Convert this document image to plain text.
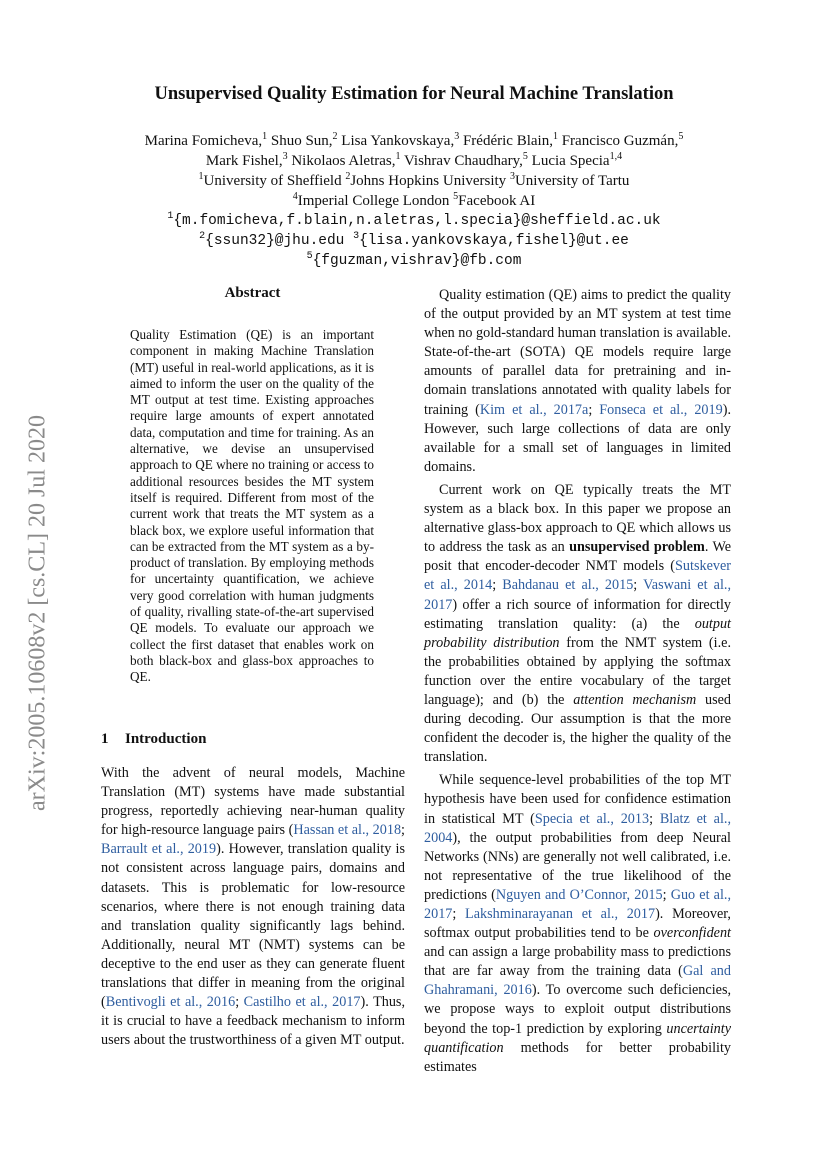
Unsupervised Quality Estimation for Neural Machine Translation
Marina Fomicheva,$^1$ Shuo Sun,$^2$ Lisa Yankovskaya,$^3$ Frédéric Blain,$^1$ Francisco Guzmán,$^5$
Mark Fishel,$^3$ Nikolaos Aletras,$^1$ Vishrav Chaudhary,$^5$ Lucia Specia$^{1,4}$
$^1$University of Sheffield $^2$Johns Hopkins University $^3$University of Tartu
$^4$Imperial College London $^5$Facebook AI
$^1${m.fomicheva,f.blain,n.aletras,l.specia}@sheffield.ac.uk
$^2${ssun32}@jhu.edu $^3${lisa.yankovskaya,fishel}@ut.ee
$^5${fguzman,vishrav}@fb.com
arXiv:2005.10608v2 [cs.CL] 20 Jul 2020
Abstract

Quality Estimation (QE) is an important component in making Machine Translation (MT) useful in real-world applications, as it is aimed to inform the user on the quality of the MT output at test time. Existing approaches require large amounts of expert annotated data, computation and time for training. As an alternative, we devise an unsupervised approach to QE where no training or access to additional resources besides the MT system itself is required. Different from most of the current work that treats the MT system as a black box, we explore useful information that can be extracted from the MT system as a by-product of translation. By employing methods for uncertainty quantification, we achieve very good correlation with human judgments of quality, rivalling state-of-the-art supervised QE models. To evaluate our approach we collect the first dataset that enables work on both black-box and glass-box approaches to QE.

1 Introduction

With the advent of neural models, Machine Translation (MT) systems have made substantial progress, reportedly achieving near-human quality for high-resource language pairs (Hassan et al., 2018; Barrault et al., 2019). However, translation quality is not consistent across language pairs, domains and datasets. This is problematic for low-resource scenarios, where there is not enough training data and translation quality significantly lags behind. Additionally, neural MT (NMT) systems can be deceptive to the end user as they can generate fluent translations that differ in meaning from the original (Bentivogli et al., 2016; Castilho et al., 2017). Thus, it is crucial to have a feedback mechanism to inform users about the trustworthiness of a given MT output.

Quality estimation (QE) aims to predict the quality of the output provided by an MT system at test time when no gold-standard human translation is available. State-of-the-art (SOTA) QE models require large amounts of parallel data for pretraining and in-domain translations annotated with quality labels for training (Kim et al., 2017a; Fonseca et al., 2019). However, such large collections of data are only available for a small set of languages in limited domains.

Current work on QE typically treats the MT system as a black box. In this paper we propose an alternative glass-box approach to QE which allows us to address the task as an unsupervised problem. We posit that encoder-decoder NMT models (Sutskever et al., 2014; Bahdanau et al., 2015; Vaswani et al., 2017) offer a rich source of information for directly estimating translation quality: (a) the output probability distribution from the NMT system (i.e. the probabilities obtained by applying the softmax function over the entire vocabulary of the target language); and (b) the attention mechanism used during decoding. Our assumption is that the more confident the decoder is, the higher the quality of the translation.

While sequence-level probabilities of the top MT hypothesis have been used for confidence estimation in statistical MT (Specia et al., 2013; Blatz et al., 2004), the output probabilities from deep Neural Networks (NNs) are generally not well calibrated, i.e. not representative of the true likelihood of the predictions (Nguyen and O’Connor, 2015; Guo et al., 2017; Lakshminarayanan et al., 2017). Moreover, softmax output probabilities tend to be overconfident and can assign a large probability mass to predictions that are far away from the training data (Gal and Ghahramani, 2016). To overcome such deficiencies, we propose ways to exploit output distributions beyond the top-1 prediction by exploring uncertainty quantification methods for better probability estimates
